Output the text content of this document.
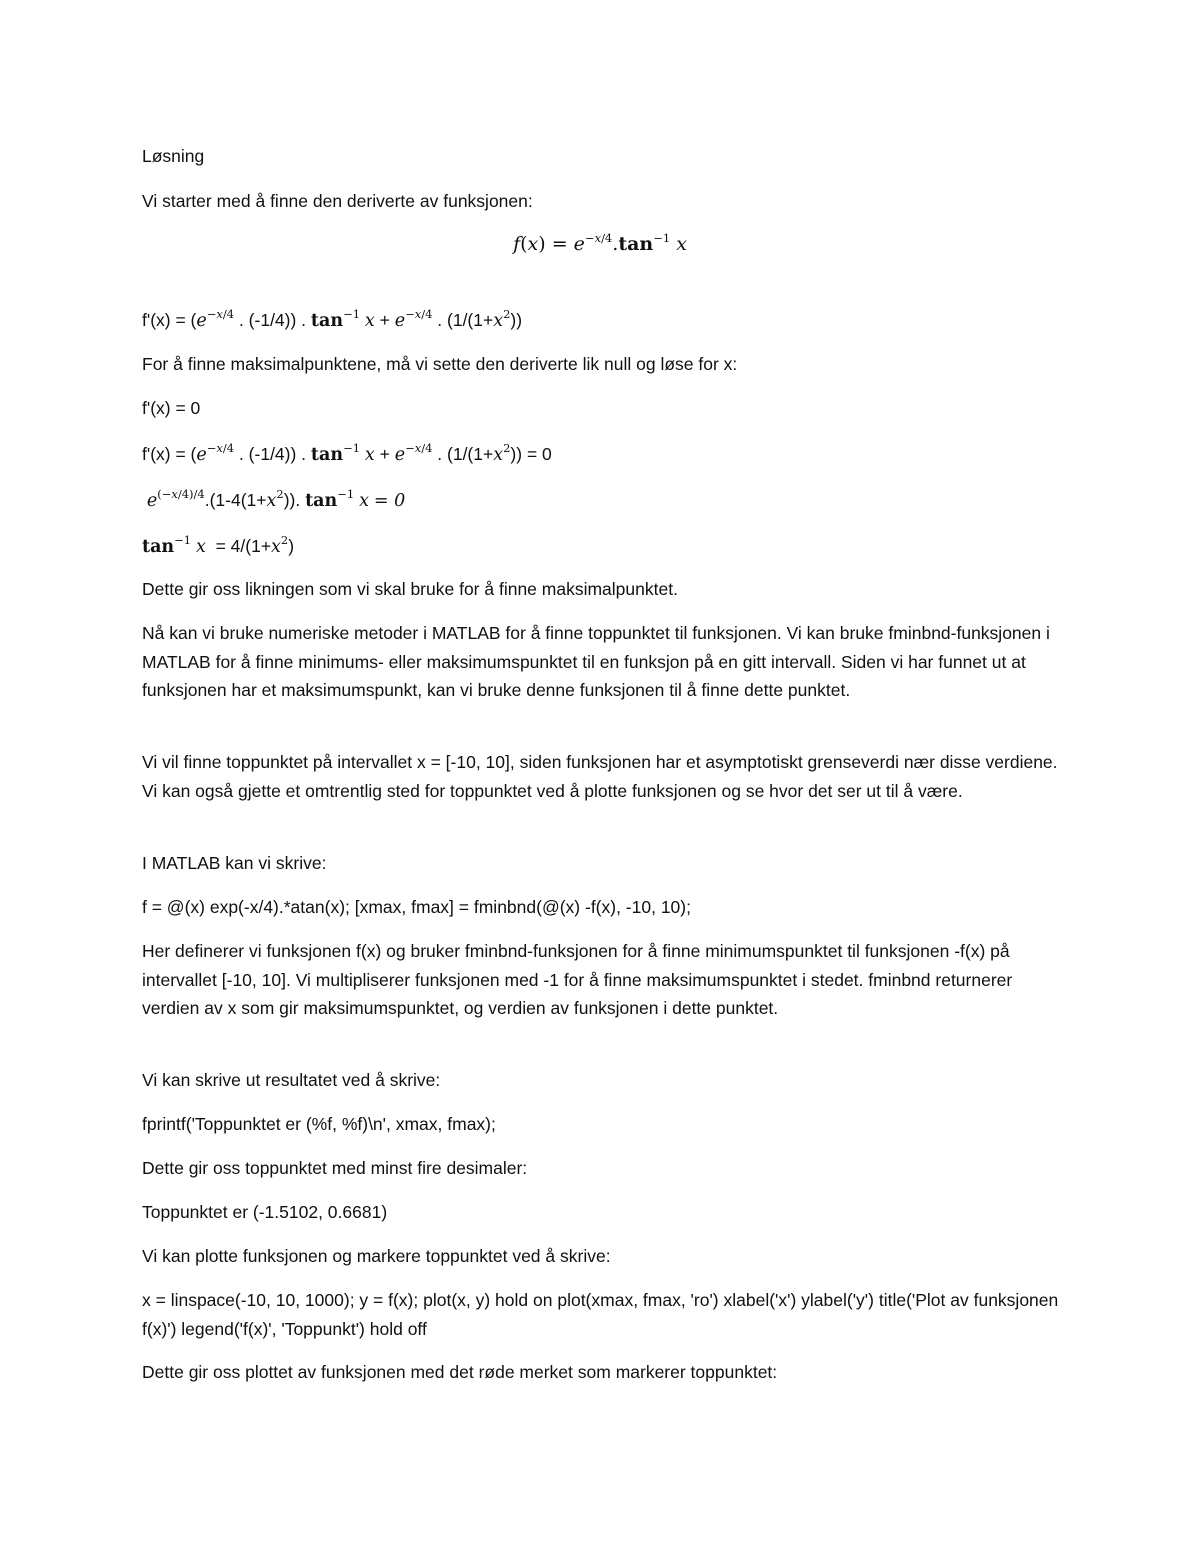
Løsning

Vi starter med å finne den deriverte av funksjonen:

$f(x) = e^{-x/4}.\tan^{-1}$ x

$f'(x) = (e^{-x/4}$ . (-1/4)) . $\tan^{-1} x + e^{-x/4}$ . $(1/(1+x^2))$

For å finne maksimalpunktene, må vi sette den deriverte lik null og løse for x:

f'(x) = 0

$f'(x) = (e^{-x/4}$ . (-1/4)) . $\tan^{-1} x + e^{-x/4}$ . $(1/(1+x^2)) = 0$

$e^{(-x/4)/4}.(1-4(1+x^2))$. $\tan^{-1} x = 0$

$\tan^{-1} x = 4/(1+x^2)$

Dette gir oss likningen som vi skal bruke for å finne maksimalpunktet.

Nå kan vi bruke numeriske metoder i MATLAB for å finne toppunktet til funksjonen. Vi kan bruke fminbnd-funksjonen i MATLAB for å finne minimums- eller maksimumspunktet til en funksjon på en gitt intervall. Siden vi har funnet ut at funksjonen har et maksimumspunkt, kan vi bruke denne funksjonen til å finne dette punktet.

Vi vil finne toppunktet på intervallet x = [-10, 10], siden funksjonen har et asymptotiskt grenseverdi nær disse verdiene. Vi kan også gjette et omtrentlig sted for toppunktet ved å plotte funksjonen og se hvor det ser ut til å være.

I MATLAB kan vi skrive:

f = @(x) exp(-x/4).*atan(x); [xmax, fmax] = fminbnd(@(x) -f(x), -10, 10);

Her definerer vi funksjonen f(x) og bruker fminbnd-funksjonen for å finne minimumspunktet til funksjonen -f(x) på intervallet [-10, 10]. Vi multipliserer funksjonen med -1 for å finne maksimumspunktet i stedet. fminbnd returnerer verdien av x som gir maksimumspunktet, og verdien av funksjonen i dette punktet.

Vi kan skrive ut resultatet ved å skrive:

fprintf('Toppunktet er (%f, %f)\n', xmax, fmax);

Dette gir oss toppunktet med minst fire desimaler:

Toppunktet er (-1.5102, 0.6681)

Vi kan plotte funksjonen og markere toppunktet ved å skrive:

x = linspace(-10, 10, 1000); y = f(x); plot(x, y) hold on plot(xmax, fmax, 'ro') xlabel('x') ylabel('y') title('Plot av funksjonen f(x)') legend('f(x)', 'Toppunkt') hold off

Dette gir oss plottet av funksjonen med det røde merket som markerer toppunktet:
